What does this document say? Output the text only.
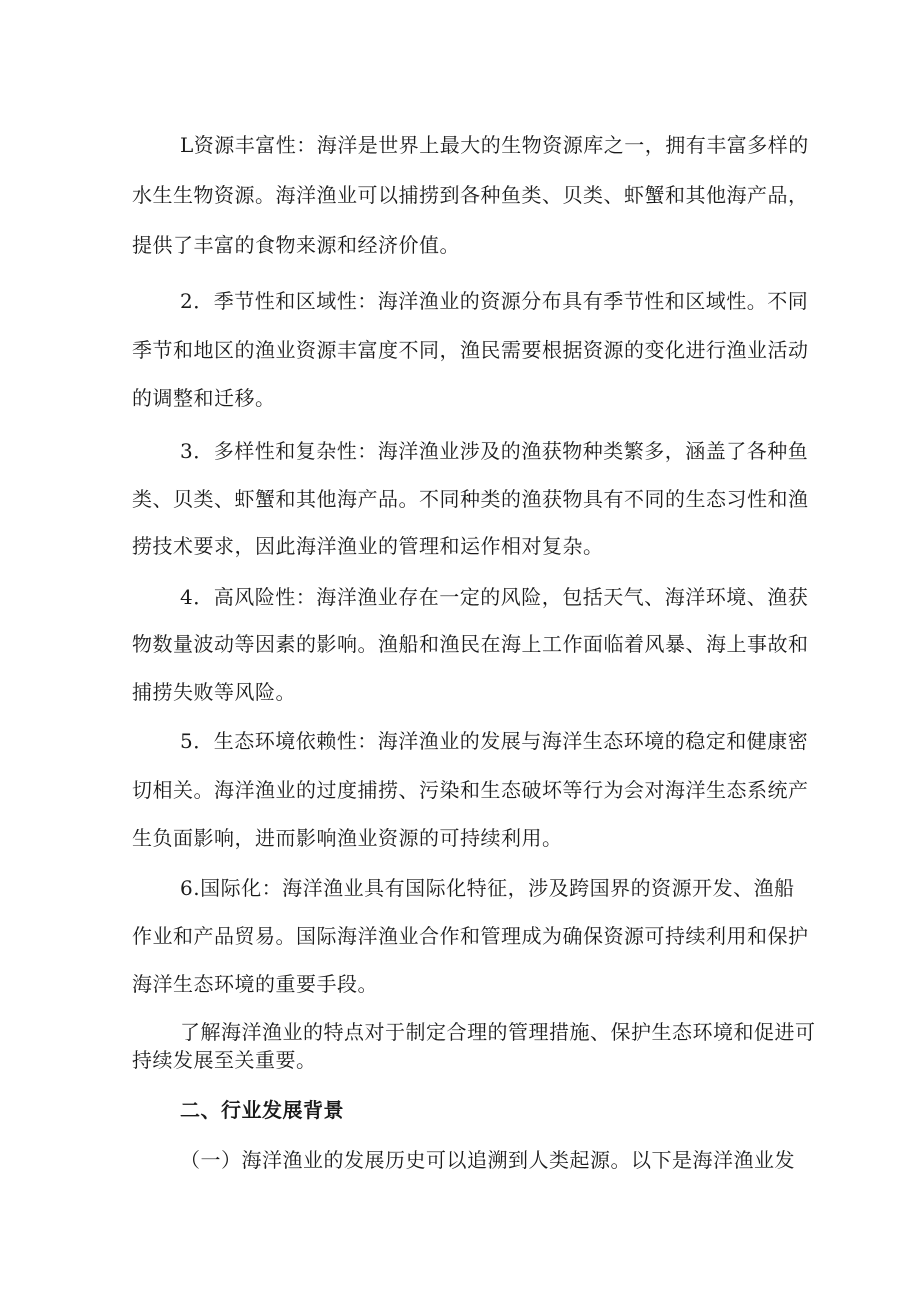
L资源丰富性：海洋是世界上最大的生物资源库之一，拥有丰富多样的
水生生物资源。海洋渔业可以捕捞到各种鱼类、贝类、虾蟹和其他海产品，
提供了丰富的食物来源和经济价值。
2．季节性和区域性：海洋渔业的资源分布具有季节性和区域性。不同
季节和地区的渔业资源丰富度不同，渔民需要根据资源的变化进行渔业活动
的调整和迁移。
3．多样性和复杂性：海洋渔业涉及的渔获物种类繁多，涵盖了各种鱼
类、贝类、虾蟹和其他海产品。不同种类的渔获物具有不同的生态习性和渔
捞技术要求，因此海洋渔业的管理和运作相对复杂。
4．高风险性：海洋渔业存在一定的风险，包括天气、海洋环境、渔获
物数量波动等因素的影响。渔船和渔民在海上工作面临着风暴、海上事故和
捕捞失败等风险。
5．生态环境依赖性：海洋渔业的发展与海洋生态环境的稳定和健康密
切相关。海洋渔业的过度捕捞、污染和生态破坏等行为会对海洋生态系统产
生负面影响，进而影响渔业资源的可持续利用。
6.国际化：海洋渔业具有国际化特征，涉及跨国界的资源开发、渔船
作业和产品贸易。国际海洋渔业合作和管理成为确保资源可持续利用和保护
海洋生态环境的重要手段。
了解海洋渔业的特点对于制定合理的管理措施、保护生态环境和促进可
持续发展至关重要。
二、行业发展背景
（一）海洋渔业的发展历史可以追溯到人类起源。以下是海洋渔业发
